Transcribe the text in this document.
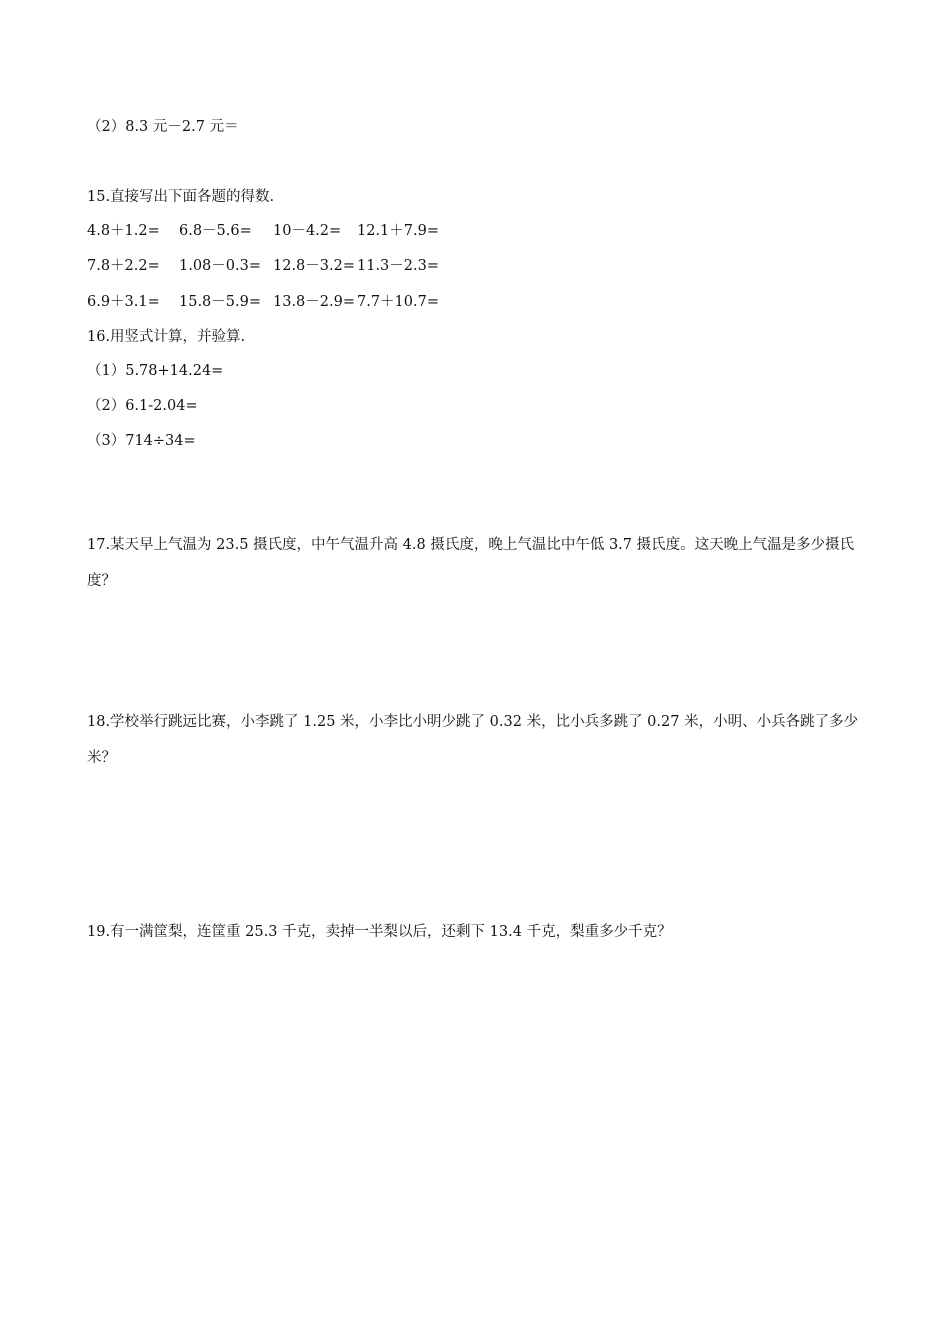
（2）8.3 元－2.7 元＝
15.直接写出下面各题的得数.
4.8＋1.2= 6.8－5.6= 10－4.2= 12.1＋7.9=
7.8＋2.2= 1.08－0.3= 12.8－3.2= 11.3－2.3=
6.9＋3.1= 15.8－5.9= 13.8－2.9= 7.7＋10.7=
16.用竖式计算，并验算.
（1）5.78+14.24=
（2）6.1-2.04=
（3）714÷34=
17.某天早上气温为 23.5 摄氏度，中午气温升高 4.8 摄氏度，晚上气温比中午低 3.7 摄氏度。这天晚上气温是多少摄氏度？
18.学校举行跳远比赛，小李跳了 1.25 米，小李比小明少跳了 0.32 米，比小兵多跳了 0.27 米，小明、小兵各跳了多少米？
19.有一满筐梨，连筐重 25.3 千克，卖掉一半梨以后，还剩下 13.4 千克，梨重多少千克？
